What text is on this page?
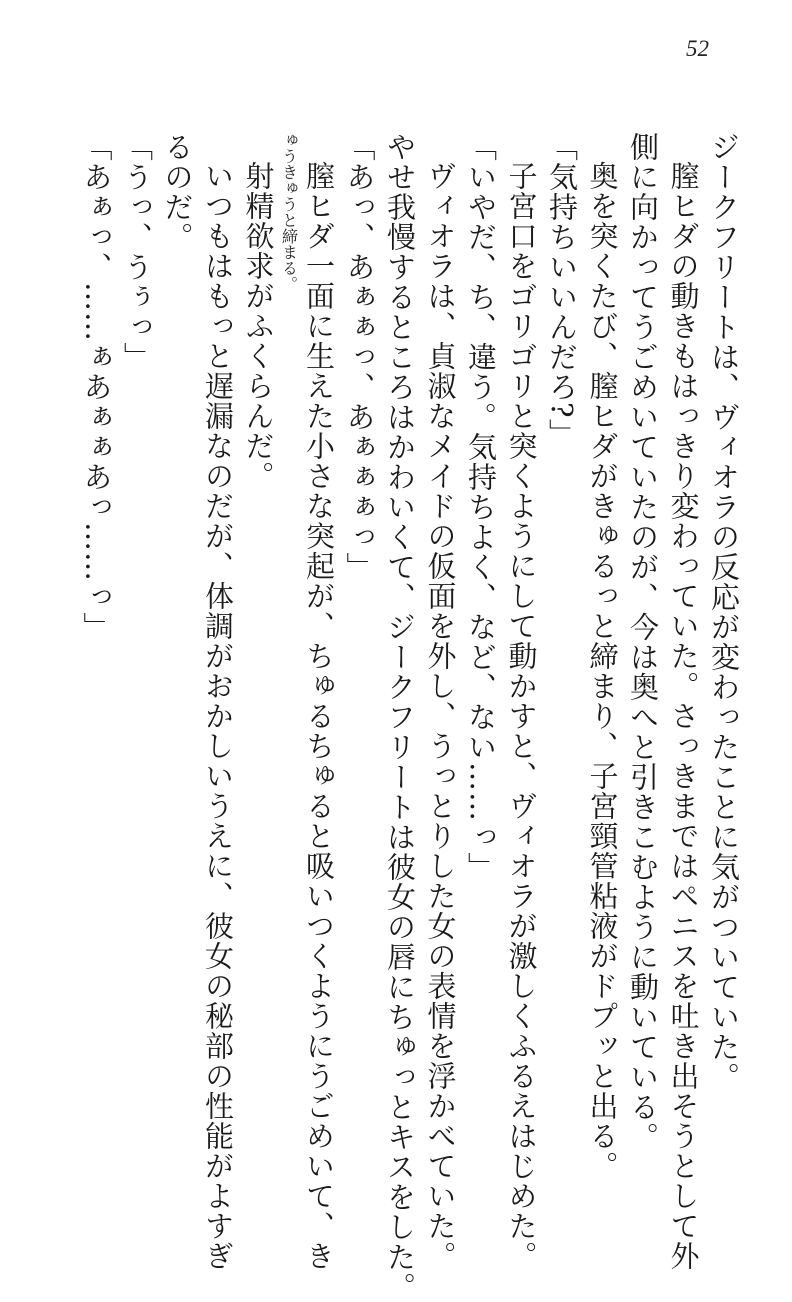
52
ジークフリートは、ヴィオラの反応が変わったことに気がついていた。
膣ヒダの動きもはっきり変わっていた。さっきまではペニスを吐き出そうとして外
側に向かってうごめいていたのが、今は奥へと引きこむように動いている。
奥を突くたび、膣ヒダがきゅるっと締まり、子宮頸管粘液がドプッと出る。
「気持ちいいんだろ?」
子宮口をゴリゴリと突くようにして動かすと、ヴィオラが激しくふるえはじめた。
「いやだ、ち、違う。気持ちよく、など、ない……っ」
ヴィオラは、貞淑なメイドの仮面を外し、うっとりした女の表情を浮かべていた。
やせ我慢するところはかわいくて、ジークフリートは彼女の唇にちゅっとキスをした。
「あっ、あぁぁっ、あぁぁぁっ」
膣ヒダ一面に生えた小さな突起が、ちゅるちゅると吸いつくようにうごめいて、き
ゅうきゅうと締まる。
射精欲求がふくらんだ。
いつもはもっと遅漏なのだが、体調がおかしいうえに、彼女の秘部の性能がよすぎ
るのだ。
「うっ、うぅっ」
「あぁっ、……ぁあぁぁあっ……っ」
